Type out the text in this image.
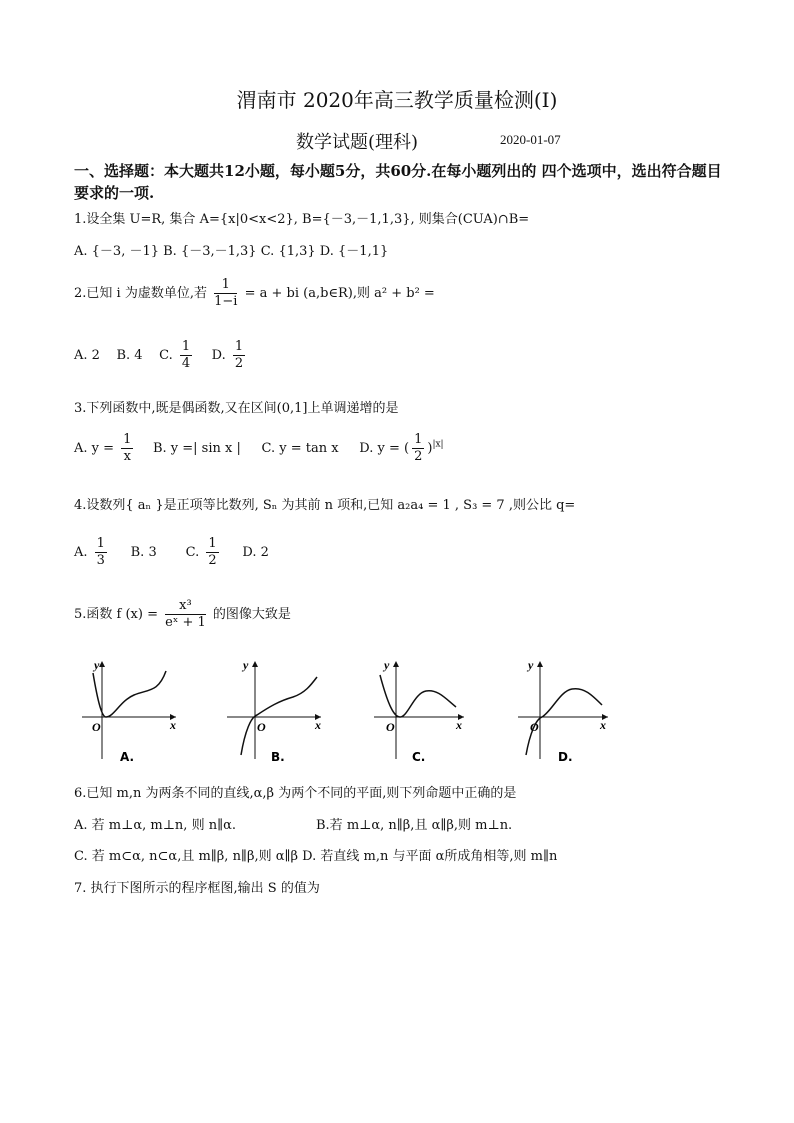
渭南市 2020年高三教学质量检测(Ⅰ)
数学试题(理科)	2020-01-07
一、选择题：本大题共12小题，每小题5分，共60分.在每小题列出的 四个选项中，选出符合题目要求的一项.
1.设全集 U=R, 集合 A={x|0<x<2}, B={－3,－1,1,3}, 则集合(CUA)∩B=
A. {－3, －1} B. {－3,－1,3} C. {1,3} D. {－1,1}
2.已知 i 为虚数单位,若 $\frac{1}{1-i} = a$ + bi (a,b∈R),则 a² + b² =
A. 2 B. 4 C. $\frac{1}{4} D$. $\frac{1}{2}$
3.下列函数中,既是偶函数,又在区间(0,1]上单调递增的是
A. $y = \frac{1}{x} B$. y =| sin x | C. y = tan x D. y = ( $\frac{1}{2} )^{|x|}$
4.设数列{ aₙ }是正项等比数列, Sₙ 为其前 n 项和,已知 a₂a₄ = 1 , S₃ = 7 ,则公比 q=
A. $\frac{1}{3} B$. 3 C. $\frac{1}{2} D$. 2
5.函数 f $(x) = \frac{\text{x³}}{\text{eˣ + 1}}$ 的图像大致是
y
x
O
A.
y
x
O
B.
y
x
O
C.
y
x
O
D.
6.已知 m,n 为两条不同的直线,α,β 为两个不同的平面,则下列命题中正确的是
A. 若 m⊥α, m⊥n, 则 n∥α.	B.若 m⊥α, n∥β,且 α∥β,则 m⊥n.
C. 若 m⊂α, n⊂α,且 m∥β, n∥β,则 α∥β D. 若直线 m,n 与平面 α所成角相等,则 m∥n
7. 执行下图所示的程序框图,输出 S 的值为
